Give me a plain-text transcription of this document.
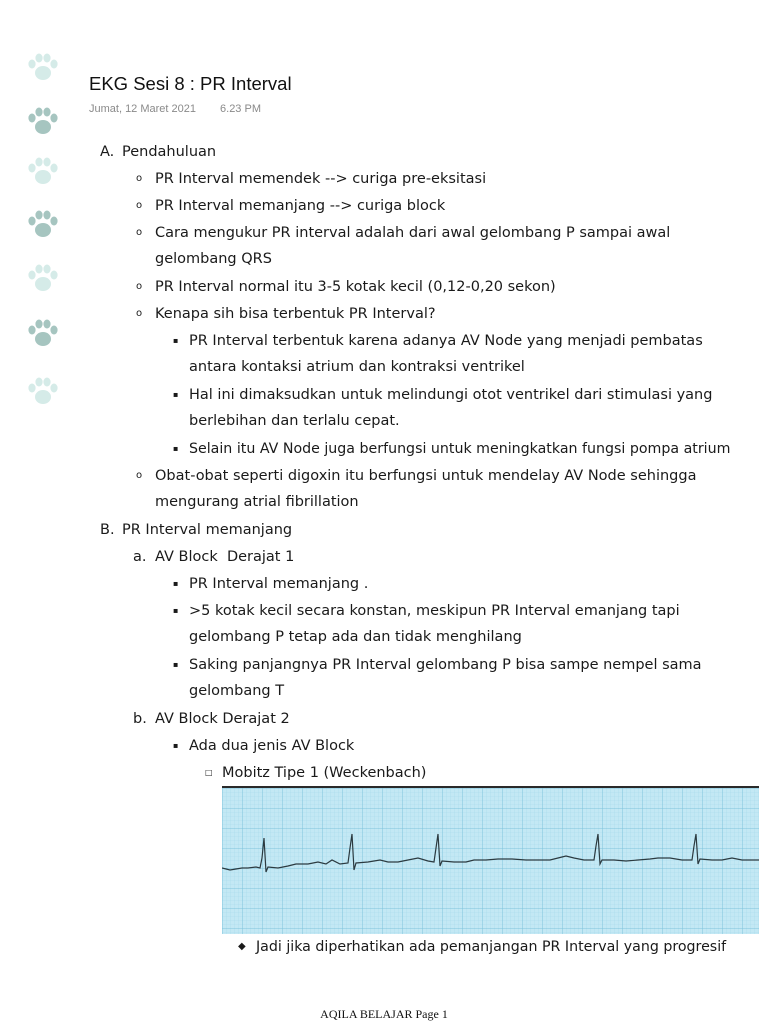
EKG Sesi 8 : PR Interval
Jumat, 12 Maret 2021 6.23 PM
A. Pendahuluan
o PR Interval memendek --> curiga pre-eksitasi
o PR Interval memanjang --> curiga block
o Cara mengukur PR interval adalah dari awal gelombang P sampai awal
gelombang QRS
o PR Interval normal itu 3-5 kotak kecil (0,12-0,20 sekon)
o Kenapa sih bisa terbentuk PR Interval?
▪ PR Interval terbentuk karena adanya AV Node yang menjadi pembatas
antara kontaksi atrium dan kontraksi ventrikel
▪ Hal ini dimaksudkan untuk melindungi otot ventrikel dari stimulasi yang
berlebihan dan terlalu cepat.
▪ Selain itu AV Node juga berfungsi untuk meningkatkan fungsi pompa atrium
o Obat-obat seperti digoxin itu berfungsi untuk mendelay AV Node sehingga
mengurang atrial fibrillation
B. PR Interval memanjang
a. AV Block  Derajat 1
▪ PR Interval memanjang .
▪ >5 kotak kecil secara konstan, meskipun PR Interval emanjang tapi
gelombang P tetap ada dan tidak menghilang
▪ Saking panjangnya PR Interval gelombang P bisa sampe nempel sama
gelombang T
b. AV Block Derajat 2
▪ Ada dua jenis AV Block
□ Mobitz Tipe 1 (Weckenbach)
◆ Jadi jika diperhatikan ada pemanjangan PR Interval yang progresif
AQILA BELAJAR Page 1
